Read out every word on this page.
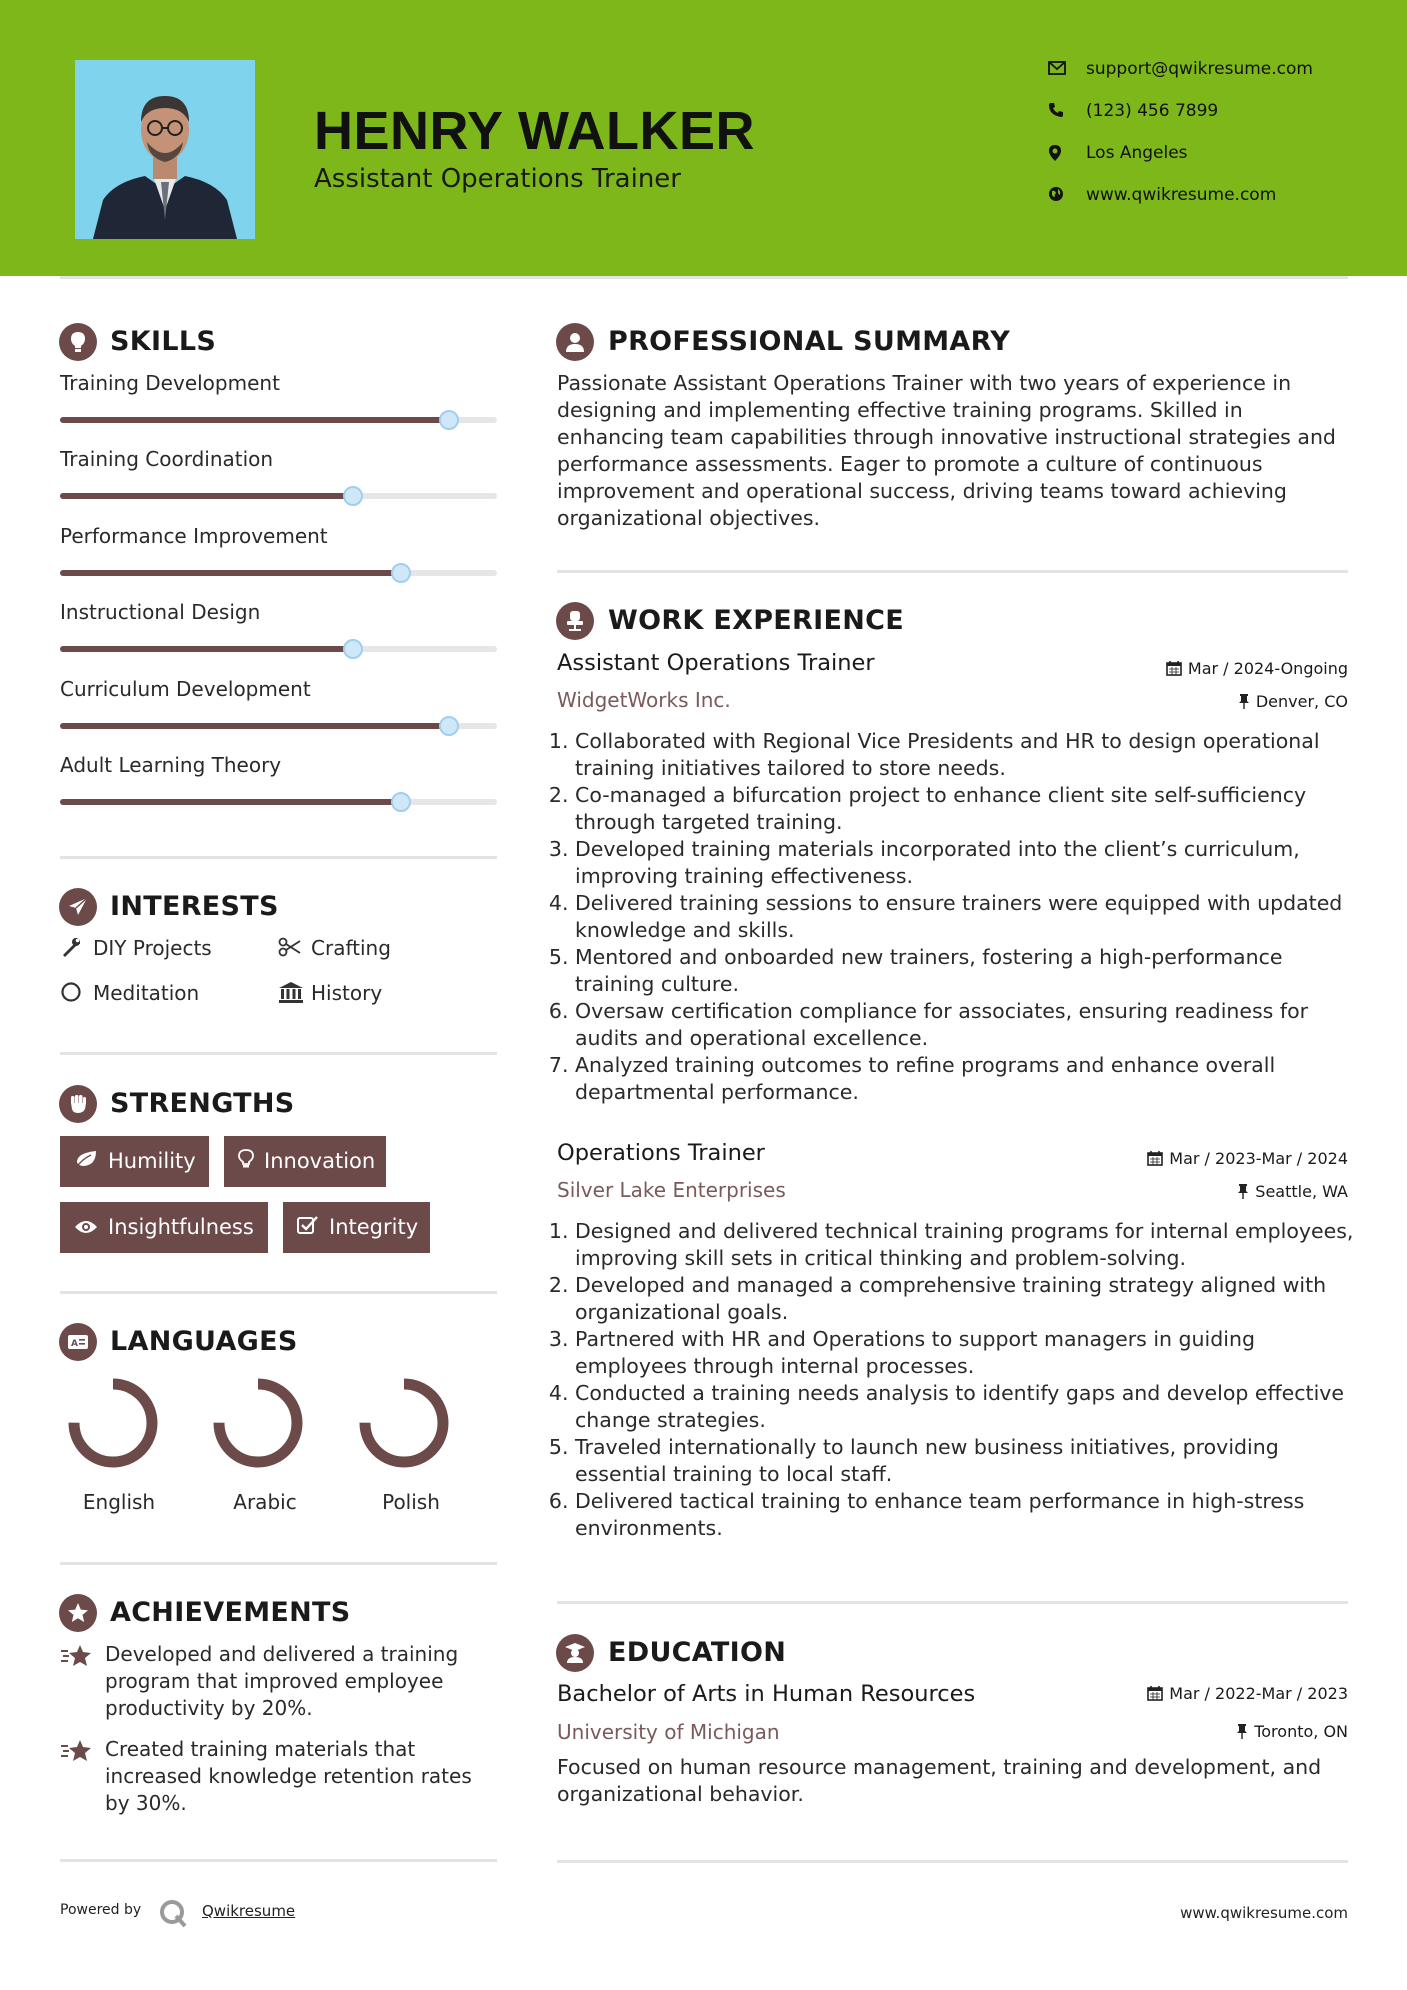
HENRY WALKER
Assistant Operations Trainer
support@qwikresume.com
(123) 456 7899
Los Angeles
www.qwikresume.com
SKILLS
Training Development
Training Coordination
Performance Improvement
Instructional Design
Curriculum Development
Adult Learning Theory
INTERESTS
DIY Projects	Crafting
Meditation	History
STRENGTHS
Humility	Innovation
Insightfulness	Integrity
A LANGUAGES
English	Arabic	Polish
ACHIEVEMENTS
Developed and delivered a training program that improved employee productivity by 20%.
Created training materials that increased knowledge retention rates by 30%.
PROFESSIONAL SUMMARY
Passionate Assistant Operations Trainer with two years of experience in designing and implementing effective training programs. Skilled in enhancing team capabilities through innovative instructional strategies and performance assessments. Eager to promote a culture of continuous improvement and operational success, driving teams toward achieving organizational objectives.
WORK EXPERIENCE
Assistant Operations Trainer	Mar / 2024-Ongoing
WidgetWorks Inc.	Denver, CO
1. Collaborated with Regional Vice Presidents and HR to design operational training initiatives tailored to store needs.
2. Co-managed a bifurcation project to enhance client site self-sufficiency through targeted training.
3. Developed training materials incorporated into the client’s curriculum, improving training effectiveness.
4. Delivered training sessions to ensure trainers were equipped with updated knowledge and skills.
5. Mentored and onboarded new trainers, fostering a high-performance training culture.
6. Oversaw certification compliance for associates, ensuring readiness for audits and operational excellence.
7. Analyzed training outcomes to refine programs and enhance overall departmental performance.
Operations Trainer	Mar / 2023-Mar / 2024
Silver Lake Enterprises	Seattle, WA
1. Designed and delivered technical training programs for internal employees, improving skill sets in critical thinking and problem-solving.
2. Developed and managed a comprehensive training strategy aligned with organizational goals.
3. Partnered with HR and Operations to support managers in guiding employees through internal processes.
4. Conducted a training needs analysis to identify gaps and develop effective change strategies.
5. Traveled internationally to launch new business initiatives, providing essential training to local staff.
6. Delivered tactical training to enhance team performance in high-stress environments.
EDUCATION
Bachelor of Arts in Human Resources	Mar / 2022-Mar / 2023
University of Michigan	Toronto, ON
Focused on human resource management, training and development, and organizational behavior.
Powered by	Qwikresume	www.qwikresume.com
